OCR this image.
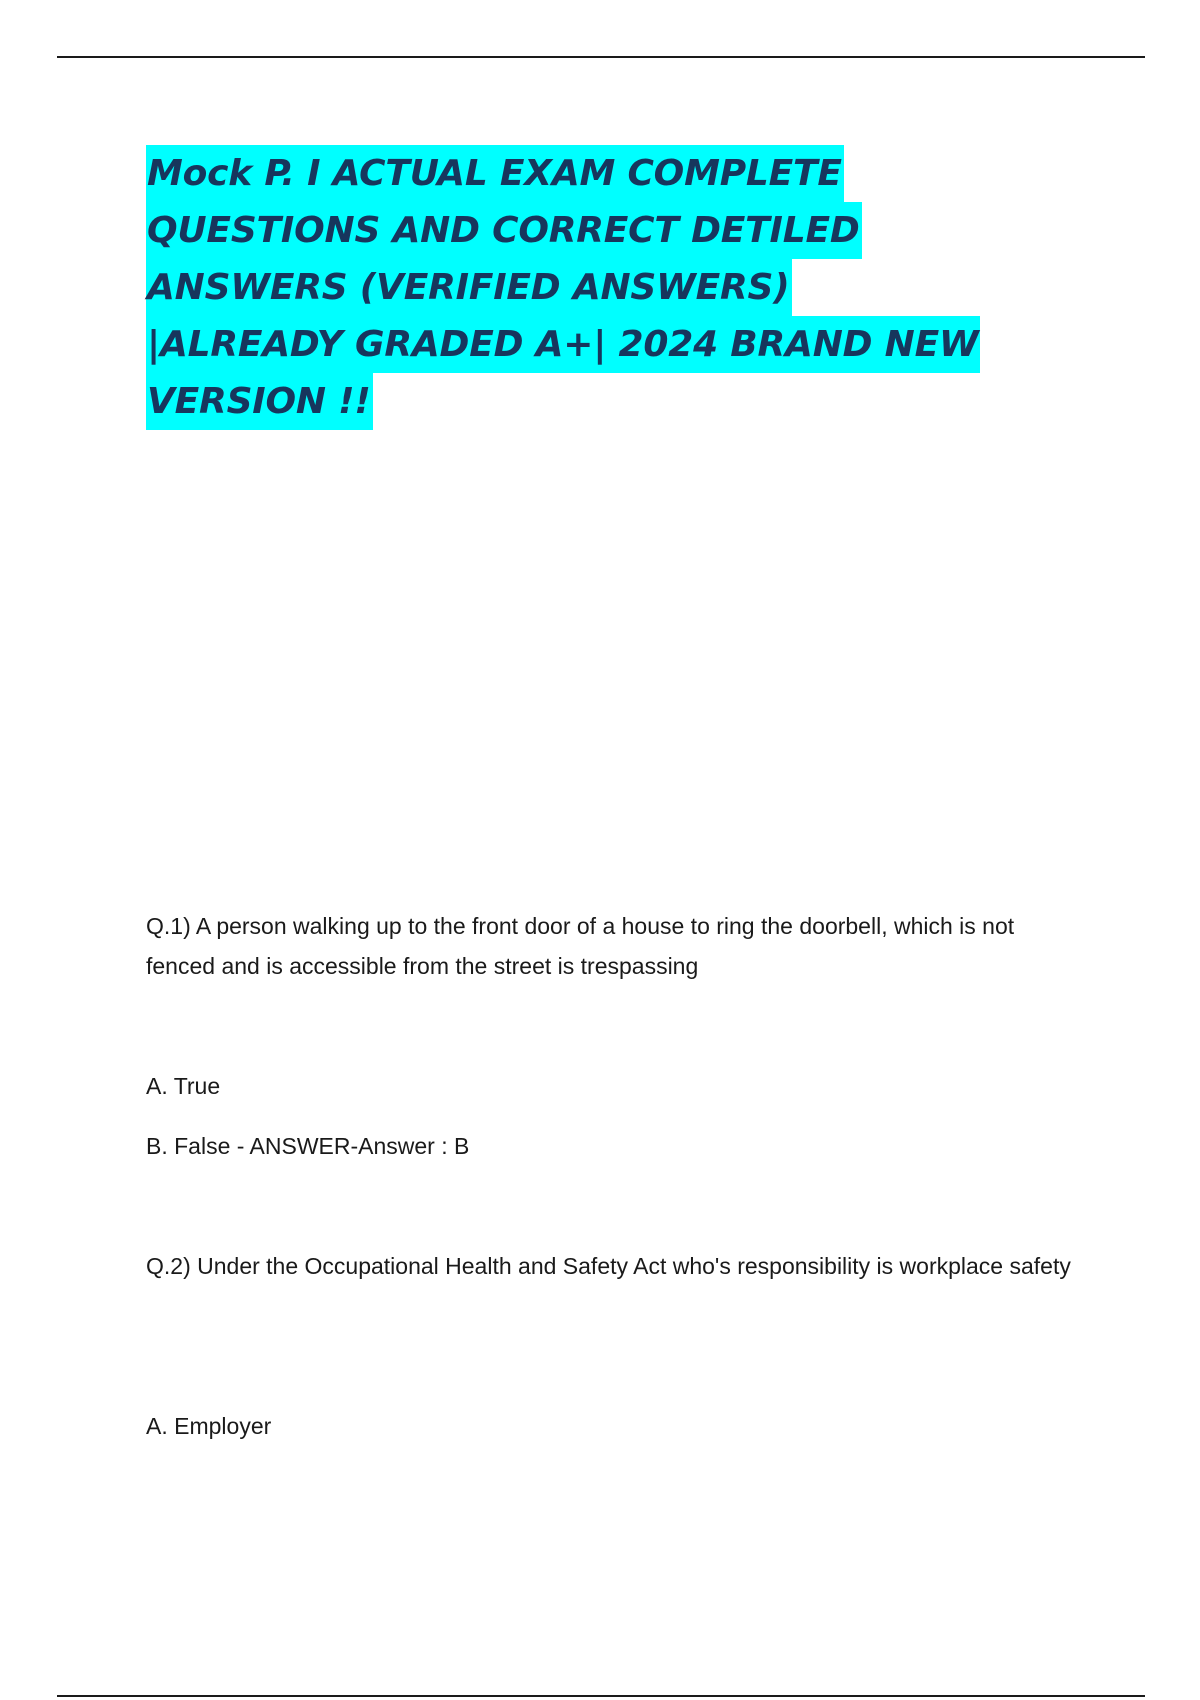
Mock P. I ACTUAL EXAM COMPLETE
QUESTIONS AND CORRECT DETILED
ANSWERS (VERIFIED ANSWERS)
|ALREADY GRADED A+| 2024 BRAND NEW
VERSION !!

Q.1) A person walking up to the front door of a house to ring the doorbell, which is not fenced and is accessible from the street is trespassing

A. True

B. False - ANSWER-Answer : B

Q.2) Under the Occupational Health and Safety Act who's responsibility is workplace safety

A. Employer
